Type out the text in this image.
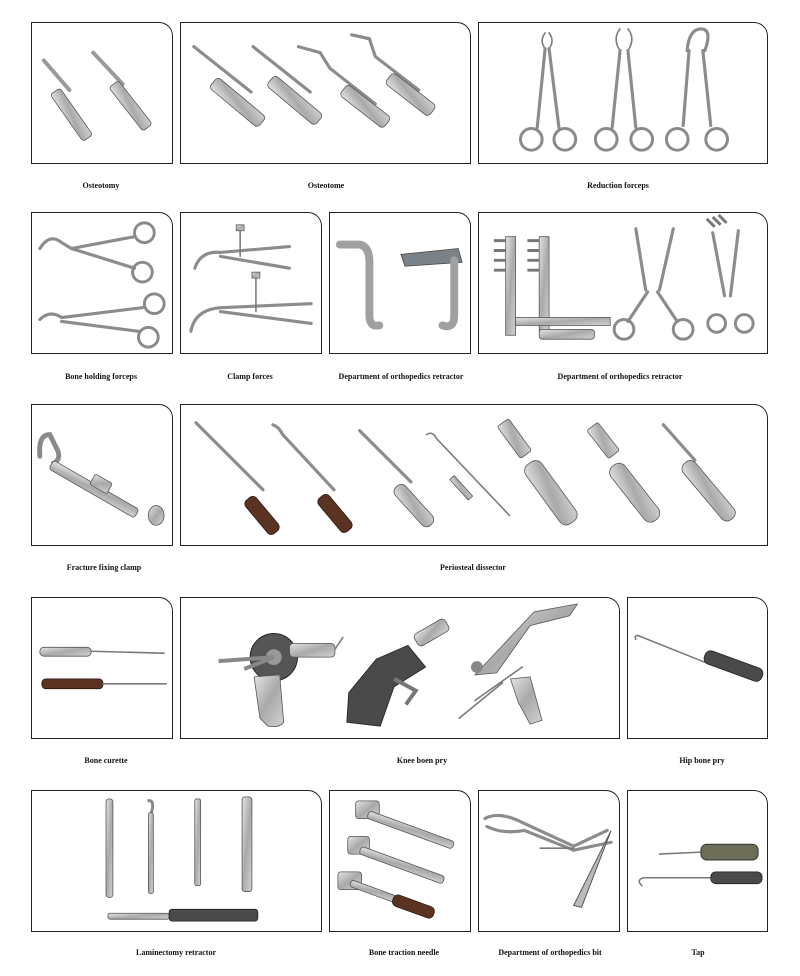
Osteotomy	Osteotome	Reduction forceps
Bone holding forceps	Clamp forces	Department of orthopedics retractor	Department of orthopedics retractor
Fracture fixing clamp	Periosteal dissector
Bone curette	Knee boen pry	Hip bone pry
Laminectomy retractor	Bone traction needle	Department of orthopedics bit	Tap
